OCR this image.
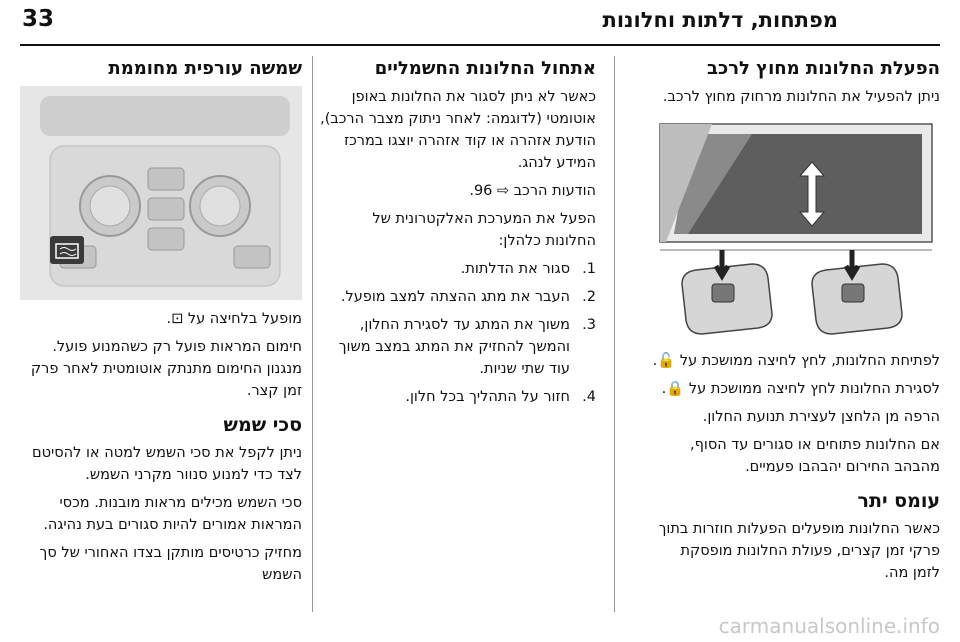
מפתחות, דלתות וחלונות
33
הפעלת החלונות מחוץ לרכב

ניתן להפעיל את החלונות מרחוק מחוץ לרכב.

לפתיחת החלונות, לחץ לחיצה ממושכת על 🔓.

לסגירת החלונות לחץ לחיצה ממושכת על 🔒.

הרפה מן הלחצן לעצירת תנועת החלון.

אם החלונות פתוחים או סגורים עד הסוף, מהבהב החירום יהבהבו פעמיים.

עומס יתר

כאשר החלונות מופעלים הפעלות חוזרות בתוך פרקי זמן קצרים, פעולת החלונות מופסקת לזמן מה.

אתחול החלונות החשמליים

כאשר לא ניתן לסגור את החלונות באופן אוטומטי (לדוגמה: לאחר ניתוק מצבר הרכב), הודעת אזהרה או קוד אזהרה יוצגו במרכז המידע לנהג.

הודעות הרכב ⇨ 96.

הפעל את המערכת האלקטרונית של החלונות כלהלן:

1.
סגור את הדלתות.
2.
העבר את מתג ההצתה למצב מופעל.
3.
משוך את המתג עד לסגירת החלון, והמשך להחזיק את המתג במצב משוך עוד שתי שניות.
4.
חזור על התהליך בכל חלון.
שמשה עורפית מחוממת

מופעל בלחיצה על ⊡.

חימום המראות פועל רק כשהמנוע פועל. מנגנון החימום מתנתק אוטומטית לאחר פרק זמן קצר.

סכי שמש

ניתן לקפל את סכי השמש למטה או להסיטם לצד כדי למנוע סנוור מקרני השמש.

סכי השמש מכילים מראות מובנות. מכסי המראות אמורים להיות סגורים בעת נהיגה.

מחזיק כרטיסים מותקן בצדו האחורי של סך השמש

carmanualsonline.info
